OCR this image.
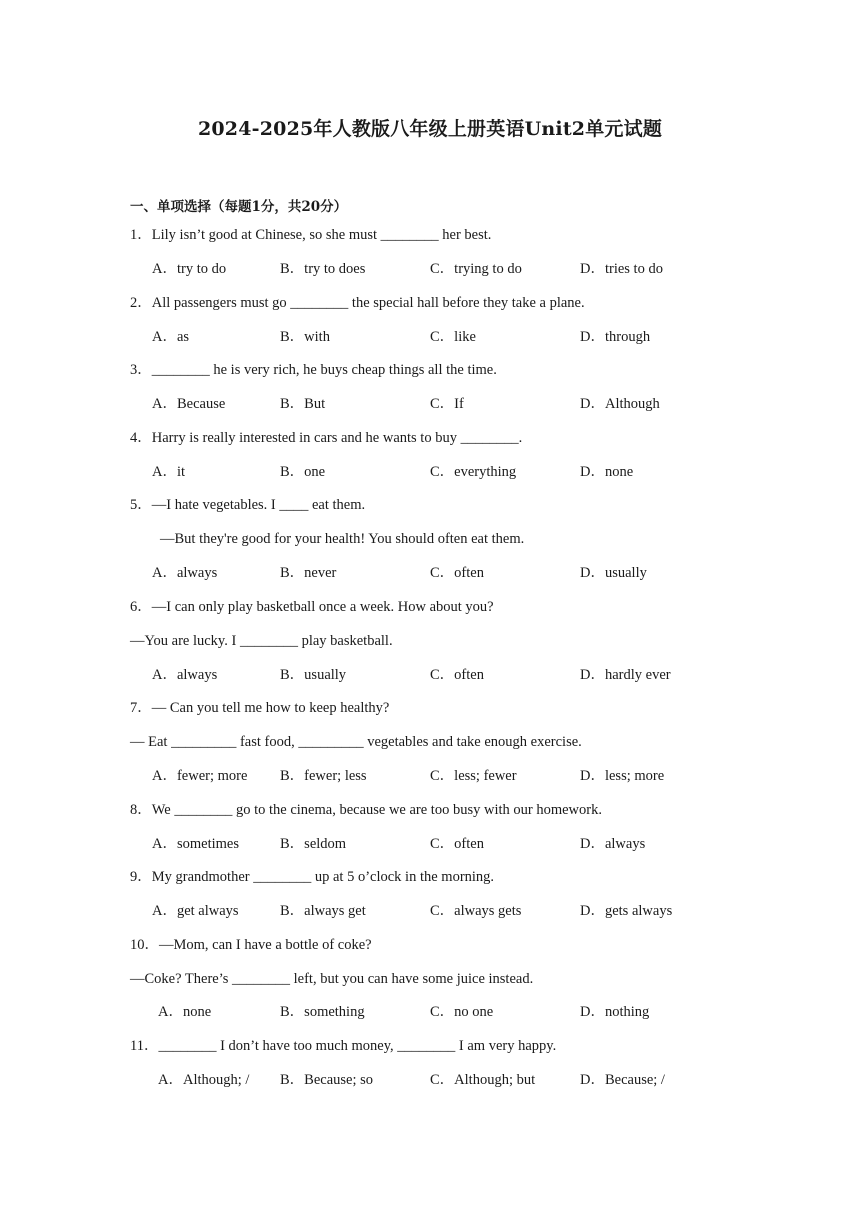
2024-2025年人教版八年级上册英语Unit2单元试题
一、单项选择（每题1分，共20分）
1．Lily isn’t good at Chinese, so she must ________ her best.
A．try to do	B．try to does	C．trying to do	D．tries to do
2．All passengers must go ________ the special hall before they take a plane.
A．as	B．with	C．like	D．through
3．________ he is very rich, he buys cheap things all the time.
A．Because	B．But	C．If	D．Although
4．Harry is really interested in cars and he wants to buy ________.
A．it	B．one	C．everything	D．none
5．—I hate vegetables. I ____ eat them.
—But they're good for your health! You should often eat them.
A．always	B．never	C．often	D．usually
6．—I can only play basketball once a week. How about you?
—You are lucky. I ________ play basketball.
A．always	B．usually	C．often	D．hardly ever
7．— Can you tell me how to keep healthy?
— Eat _________ fast food, _________ vegetables and take enough exercise.
A．fewer; more B．fewer; less	C．less; fewer	D．less; more
8．We ________ go to the cinema, because we are too busy with our homework.
A．sometimes	B．seldom	C．often	D．always
9．My grandmother ________ up at 5 o’clock in the morning.
A．get always	B．always get	C．always gets	D．gets always
10．—Mom, can I have a bottle of coke?
—Coke? There’s ________ left, but you can have some juice instead.
A．none	B．something	C．no one	D．nothing
11．________ I don’t have too much money, ________ I am very happy.
A．Although; / B．Because; so	C．Although; but	D．Because; /
